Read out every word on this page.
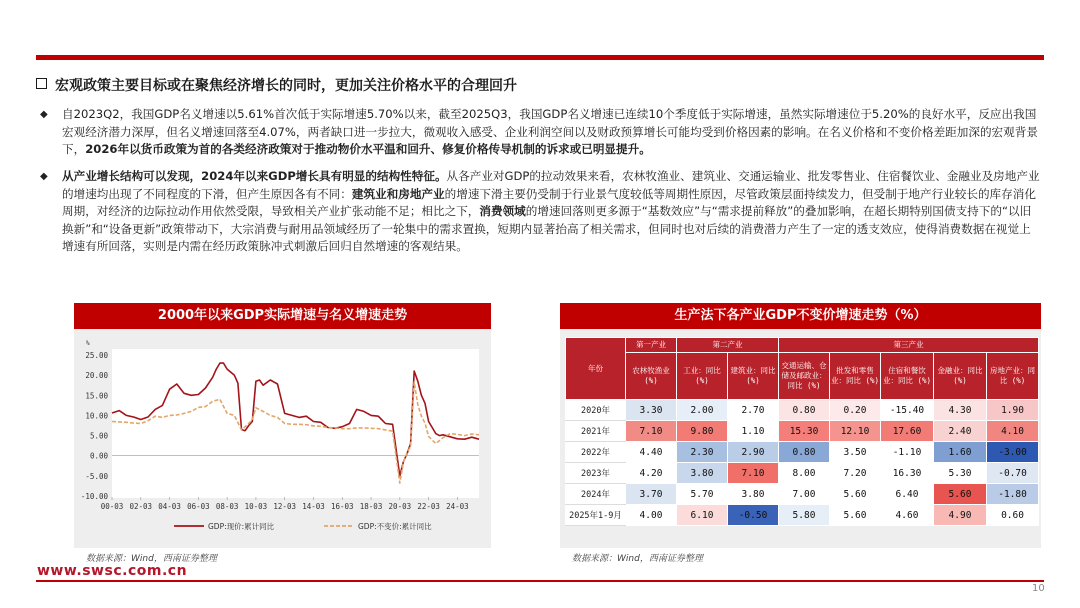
宏观政策主要目标或在聚焦经济增长的同时，更加关注价格水平的合理回升
◆ 自2023Q2，我国GDP名义增速以5.61%首次低于实际增速5.70%以来，截至2025Q3，我国GDP名义增速已连续10个季度低于实际增速，虽然实际增速位于5.20%的良好水平，反应出我国宏观经济潜力深厚，但名义增速回落至4.07%，两者缺口进一步拉大，微观收入感受、企业利润空间以及财政预算增长可能均受到价格因素的影响。在名义价格和不变价格差距加深的宏观背景下，2026年以货币政策为首的各类经济政策对于推动物价水平温和回升、修复价格传导机制的诉求或已明显提升。
◆ 从产业增长结构可以发现，2024年以来GDP增长具有明显的结构性特征。从各产业对GDP的拉动效果来看，农林牧渔业、建筑业、交通运输业、批发零售业、住宿餐饮业、金融业及房地产业的增速均出现了不同程度的下滑，但产生原因各有不同：建筑业和房地产业的增速下滑主要仍受制于行业景气度较低等周期性原因，尽管政策层面持续发力，但受制于地产行业较长的库存消化周期，对经济的边际拉动作用依然受限，导致相关产业扩张动能不足；相比之下，消费领域的增速回落则更多源于“基数效应”与“需求提前释放”的叠加影响，在超长期特别国债支持下的“以旧换新”和“设备更新”政策带动下，大宗消费与耐用品领域经历了一轮集中的需求置换，短期内显著抬高了相关需求，但同时也对后续的消费潜力产生了一定的透支效应，使得消费数据在视觉上增速有所回落，实则是内需在经历政策脉冲式刺激后回归自然增速的客观结果。
2000年以来GDP实际增速与名义增速走势
%
25.00
20.00
15.00
10.00
5.00
0.00
-5.00
-10.00
00-03 02-03 04-03 06-03 08-03 10-03 12-03 14-03 16-03 18-03 20-03 22-03 24-03
GDP:现价:累计同比	GDP:不变价:累计同比
数据来源：Wind，西南证券整理
生产法下各产业GDP不变价增速走势（%）
年份	第一产业	第二产业		第三产业				
	农林牧渔业 (%)	工业：同比 (%)	建筑业：同比 (%)	交通运输、仓储及邮政业：同比 (%)	批发和零售业：同比 (%)	住宿和餐饮业：同比 (%)	金融业：同比 (%)	房地产业：同比 (%)
2020年	3.30	2.00	2.70	0.80	0.20	-15.40	4.30	1.90
2021年	7.10	9.80	1.10	15.30	12.10	17.60	2.40	4.10
2022年	4.40	2.30	2.90	0.80	3.50	-1.10	1.60	-3.00
2023年	4.20	3.80	7.10	8.00	7.20	16.30	5.30	-0.70
2024年	3.70	5.70	3.80	7.00	5.60	6.40	5.60	-1.80
2025年1-9月	4.00	6.10	-0.50	5.80	5.60	4.60	4.90	0.60
数据来源：Wind，西南证券整理
www.swsc.com.cn
10
